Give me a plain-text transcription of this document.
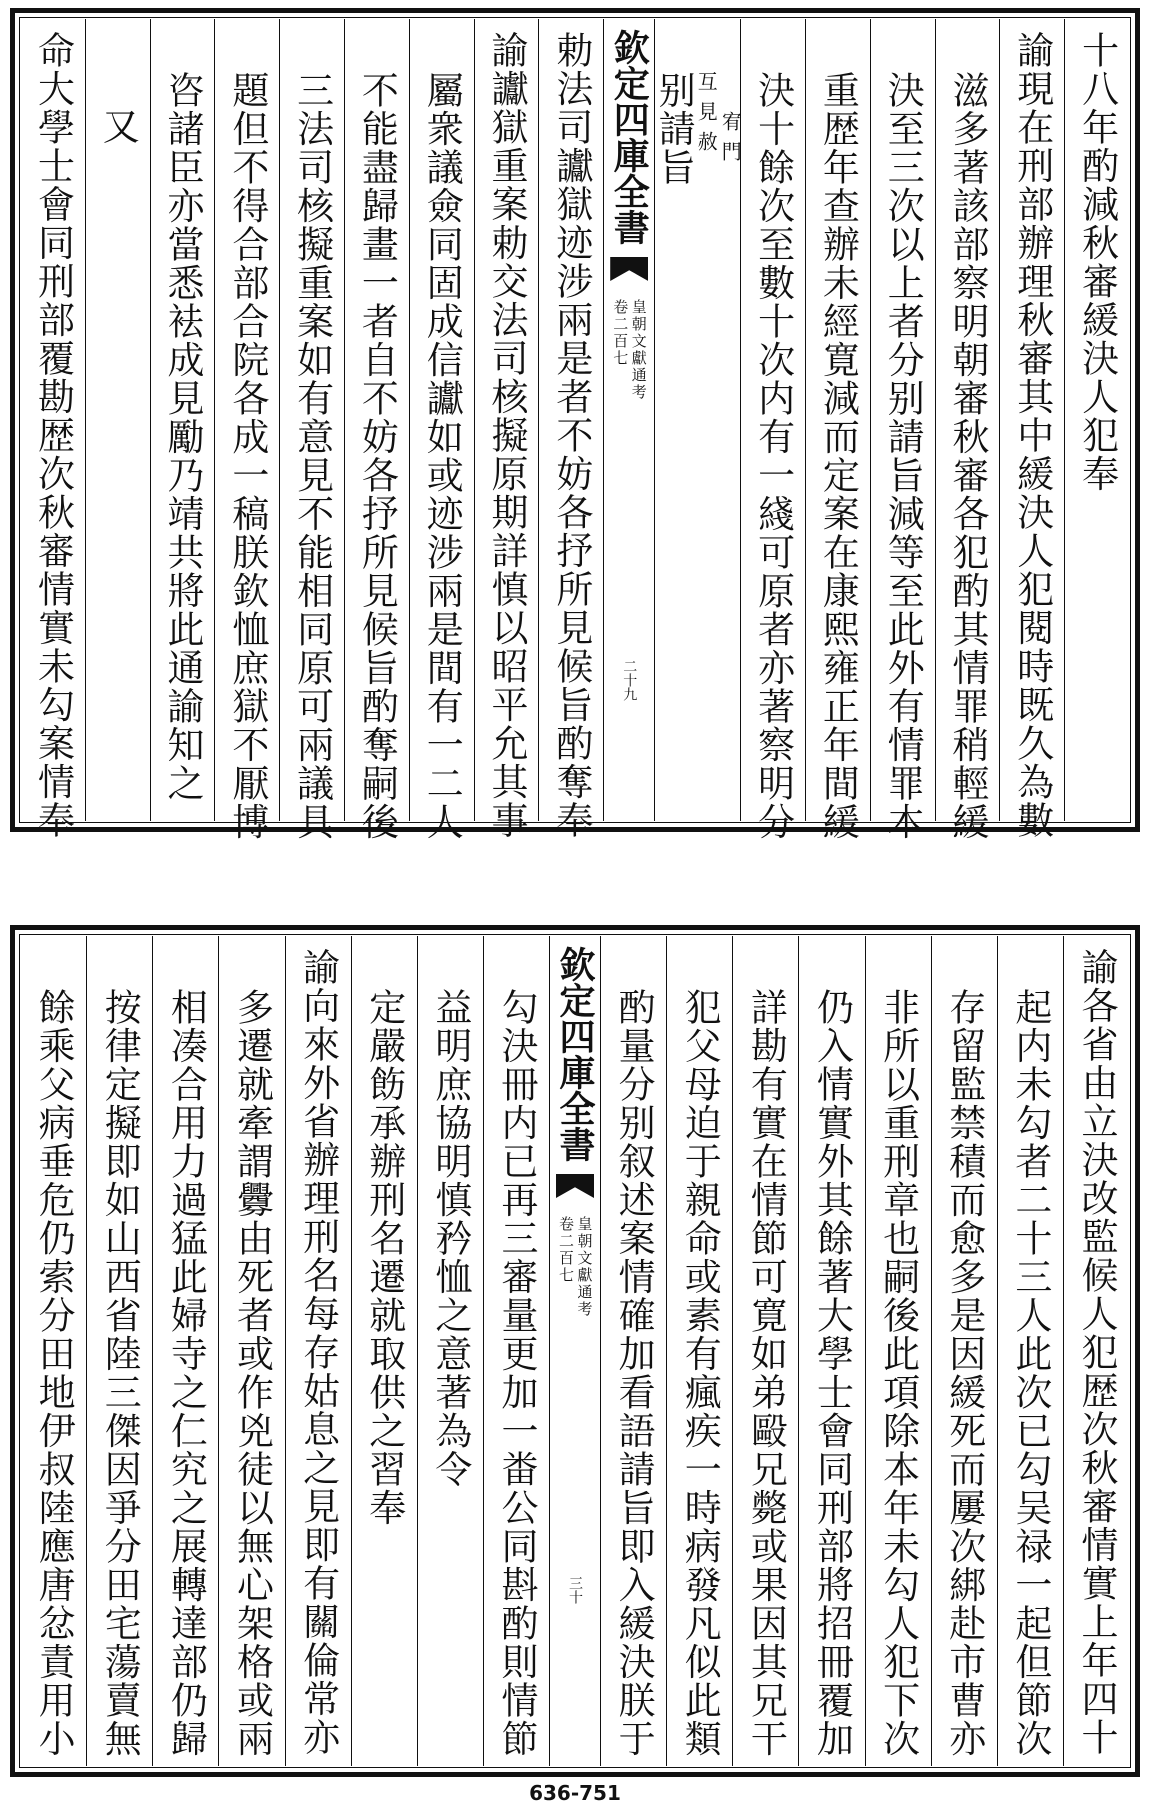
十八年酌減秋審緩決人犯奉
諭現在刑部辦理秋審其中緩決人犯閱時既久為數
滋多著該部察明朝審秋審各犯酌其情罪稍輕緩
決至三次以上者分别請旨減等至此外有情罪本
重歴年查辦未經寛減而定案在康熙雍正年間緩
決十餘次至數十次内有一綫可原者亦著察明分
别請旨 互見赦 宥門
欽定四庫全書
卷二百七 皇朝文獻通考
二十九
勅法司讞獄迹涉兩是者不妨各抒所見候旨酌奪奉
諭讞獄重案勅交法司核擬原期詳慎以昭平允其事
屬衆議僉同固成信讞如或迹涉兩是間有一二人
不能盡歸畫一者自不妨各抒所見候旨酌奪嗣後
三法司核擬重案如有意見不能相同原可兩議具
題但不得合部合院各成一稿朕欽恤庶獄不厭博
咨諸臣亦當悉袪成見勵乃靖共將此通諭知之
又
命大學士會同刑部覆勘歴次秋審情實未勾案情奉
諭各省由立決改監候人犯歴次秋審情實上年四十
起内未勾者二十三人此次已勾吴禄一起但節次
存留監禁積而愈多是因緩死而屢次綁赴市曹亦
非所以重刑章也嗣後此項除本年未勾人犯下次
仍入情實外其餘著大學士會同刑部將招冊覆加
詳勘有實在情節可寛如弟毆兄斃或果因其兄干
犯父母迫于親命或素有瘋疾一時病發凡似此類
酌量分别叙述案情確加看語請旨即入緩決朕于
欽定四庫全書
卷二百七 皇朝文獻通考
三十
勾決冊内已再三審量更加一畨公同斟酌則情節
益明庶協明慎矜恤之意著為令
定嚴飭承辦刑名遷就取供之習奉
諭向來外省辦理刑名每存姑息之見即有關倫常亦
多遷就牽謂釁由死者或作兇徒以無心架格或兩
相凑合用力過猛此婦寺之仁究之展轉達部仍歸
按律定擬即如山西省陸三傑因爭分田宅蕩賣無
餘乘父病垂危仍索分田地伊叔陸應唐忿責用小
636-751
